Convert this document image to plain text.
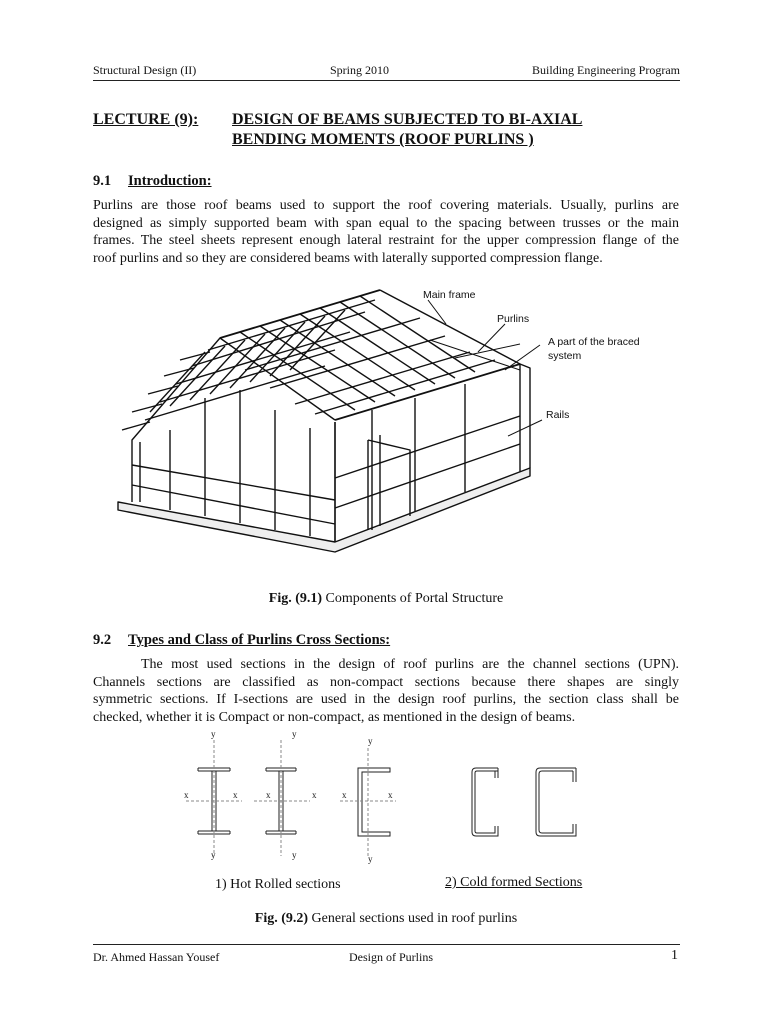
Structural Design (II)	Spring 2010	Building Engineering Program
LECTURE (9): DESIGN OF BEAMS SUBJECTED TO BI-AXIAL
BENDING MOMENTS (ROOF PURLINS )
9.1 Introduction:
Purlins are those roof beams used to support the roof covering materials. Usually, purlins are
designed as simply supported beam with span equal to the spacing between trusses or the main
frames. The steel sheets represent enough lateral restraint for the upper compression flange of the
roof purlins and so they are considered beams with laterally supported compression flange.
Main frame
Purlins
A part of the braced
system
Rails
Fig. (9.1) Components of Portal Structure
9.2 Types and Class of Purlins Cross Sections:
The most used sections in the design of roof purlins are the channel sections (UPN).
Channels sections are classified as non-compact sections because there shapes are singly
symmetric sections. If I-sections are used in the design roof purlins, the section class shall be
checked, whether it is Compact or non-compact, as mentioned in the design of beams.
y
x	x
y
y
x	x
y
y
x	x
y
1) Hot Rolled sections	2) Cold formed Sections
Fig. (9.2) General sections used in roof purlins
Dr. Ahmed Hassan Yousef	Design of Purlins	1
